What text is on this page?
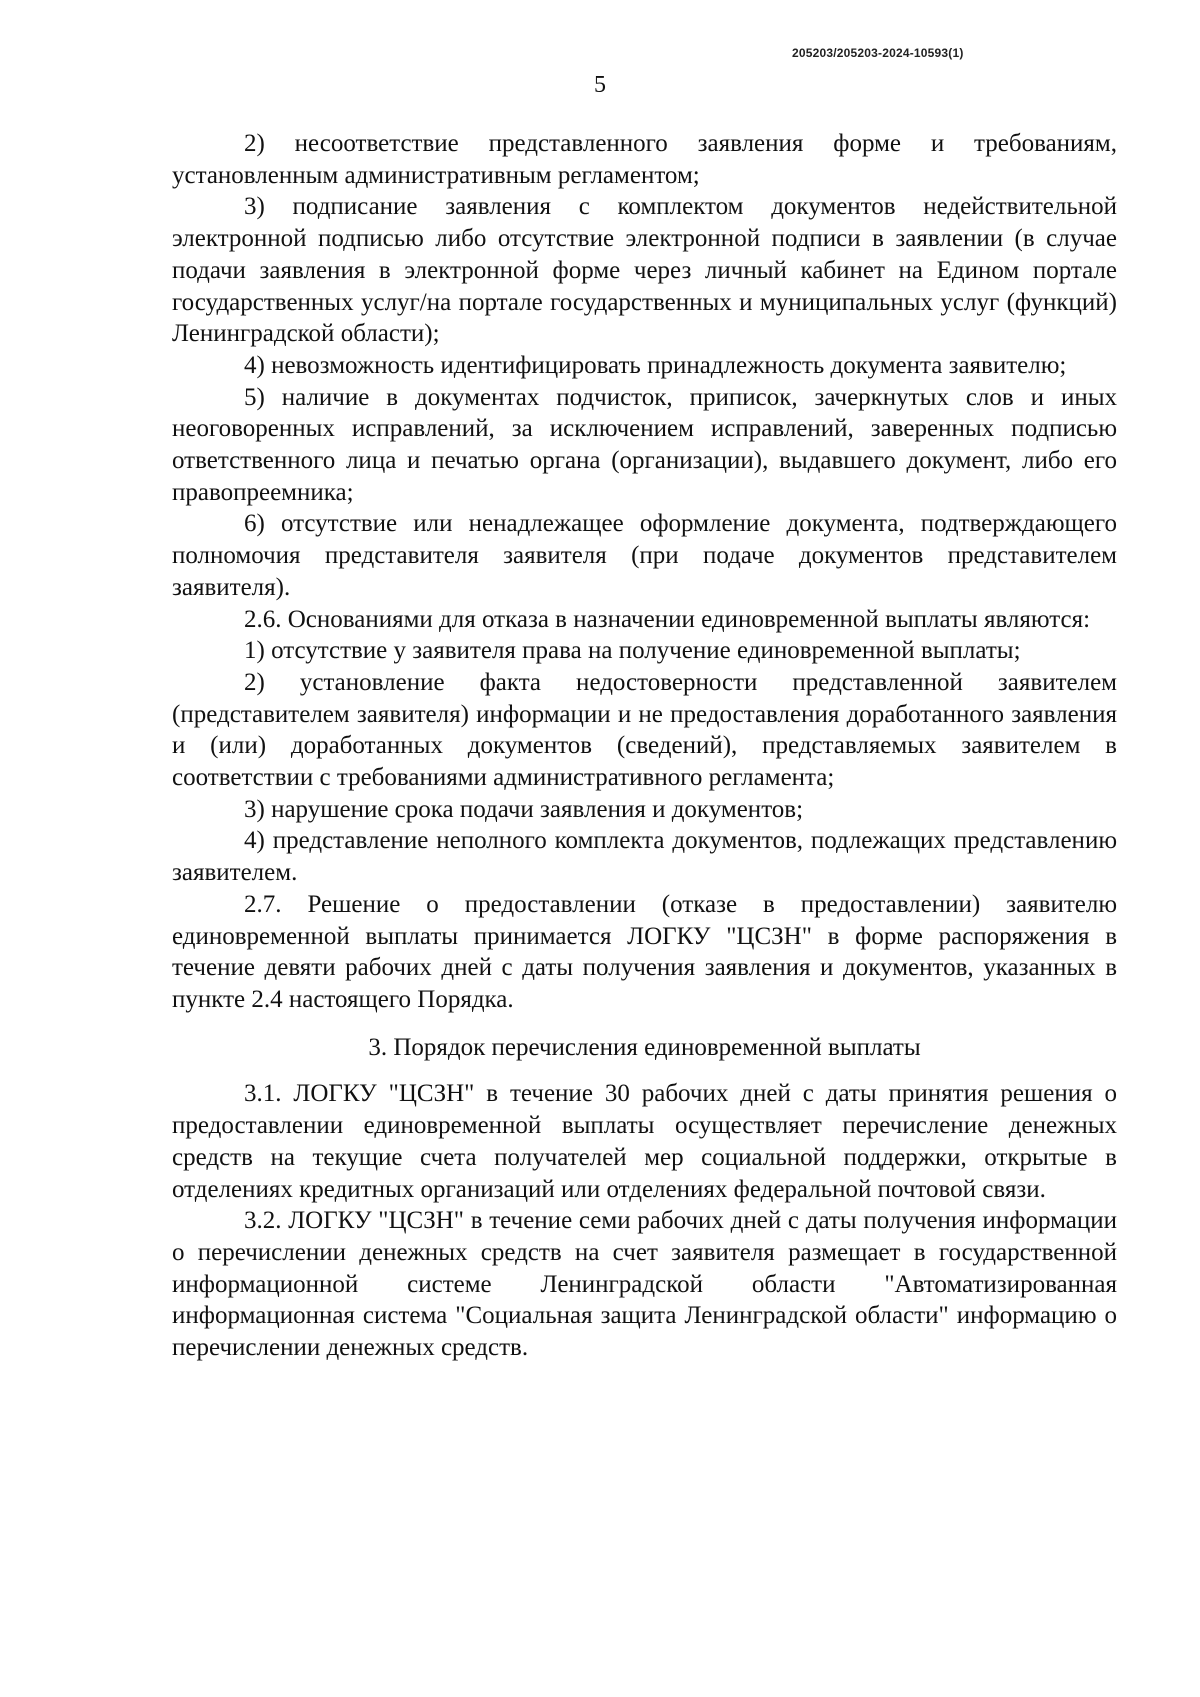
205203/205203-2024-10593(1)
5

2) несоответствие представленного заявления форме и требованиям, установленным административным регламентом;

3) подписание заявления с комплектом документов недействительной электронной подписью либо отсутствие электронной подписи в заявлении (в случае подачи заявления в электронной форме через личный кабинет на Едином портале государственных услуг/на портале государственных и муниципальных услуг (функций) Ленинградской области);

4) невозможность идентифицировать принадлежность документа заявителю;

5) наличие в документах подчисток, приписок, зачеркнутых слов и иных неоговоренных исправлений, за исключением исправлений, заверенных подписью ответственного лица и печатью органа (организации), выдавшего документ, либо его правопреемника;

6) отсутствие или ненадлежащее оформление документа, подтверждающего полномочия представителя заявителя (при подаче документов представителем заявителя).

2.6. Основаниями для отказа в назначении единовременной выплаты являются:

1) отсутствие у заявителя права на получение единовременной выплаты;

2) установление факта недостоверности представленной заявителем (представителем заявителя) информации и не предоставления доработанного заявления и (или) доработанных документов (сведений), представляемых заявителем в соответствии с требованиями административного регламента;

3) нарушение срока подачи заявления и документов;

4) представление неполного комплекта документов, подлежащих представлению заявителем.

2.7. Решение о предоставлении (отказе в предоставлении) заявителю единовременной выплаты принимается ЛОГКУ "ЦСЗН" в форме распоряжения в течение девяти рабочих дней с даты получения заявления и документов, указанных в пункте 2.4 настоящего Порядка.

3. Порядок перечисления единовременной выплаты

3.1. ЛОГКУ "ЦСЗН" в течение 30 рабочих дней с даты принятия решения о предоставлении единовременной выплаты осуществляет перечисление денежных средств на текущие счета получателей мер социальной поддержки, открытые в отделениях кредитных организаций или отделениях федеральной почтовой связи.

3.2. ЛОГКУ "ЦСЗН" в течение семи рабочих дней с даты получения информации о перечислении денежных средств на счет заявителя размещает в государственной информационной системе Ленинградской области "Автоматизированная информационная система "Социальная защита Ленинградской области" информацию о перечислении денежных средств.
